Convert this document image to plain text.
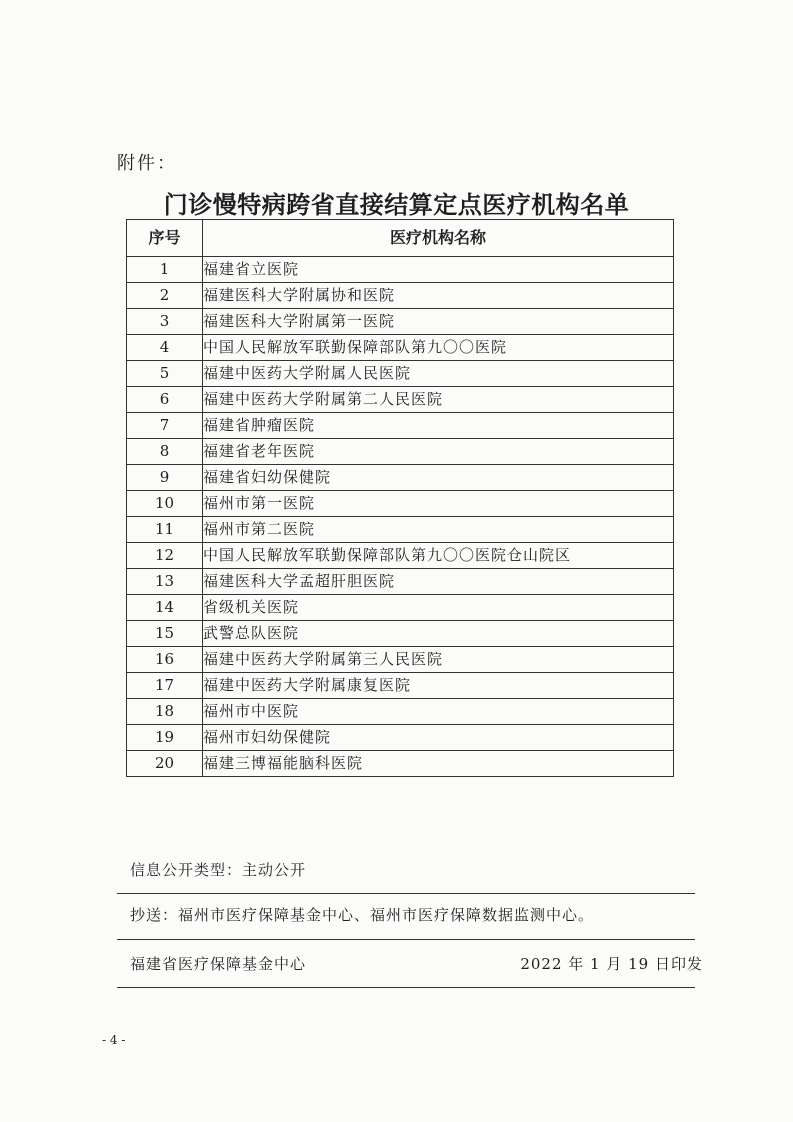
附件：
门诊慢特病跨省直接结算定点医疗机构名单
序号	医疗机构名称
1	福建省立医院
2	福建医科大学附属协和医院
3	福建医科大学附属第一医院
4	中国人民解放军联勤保障部队第九〇〇医院
5	福建中医药大学附属人民医院
6	福建中医药大学附属第二人民医院
7	福建省肿瘤医院
8	福建省老年医院
9	福建省妇幼保健院
10	福州市第一医院
11	福州市第二医院
12	中国人民解放军联勤保障部队第九〇〇医院仓山院区
13	福建医科大学孟超肝胆医院
14	省级机关医院
15	武警总队医院
16	福建中医药大学附属第三人民医院
17	福建中医药大学附属康复医院
18	福州市中医院
19	福州市妇幼保健院
20	福建三博福能脑科医院
信息公开类型：主动公开
抄送：福州市医疗保障基金中心、福州市医疗保障数据监测中心。
福建省医疗保障基金中心	2022 年 1 月 19 日印发
- 4 -
